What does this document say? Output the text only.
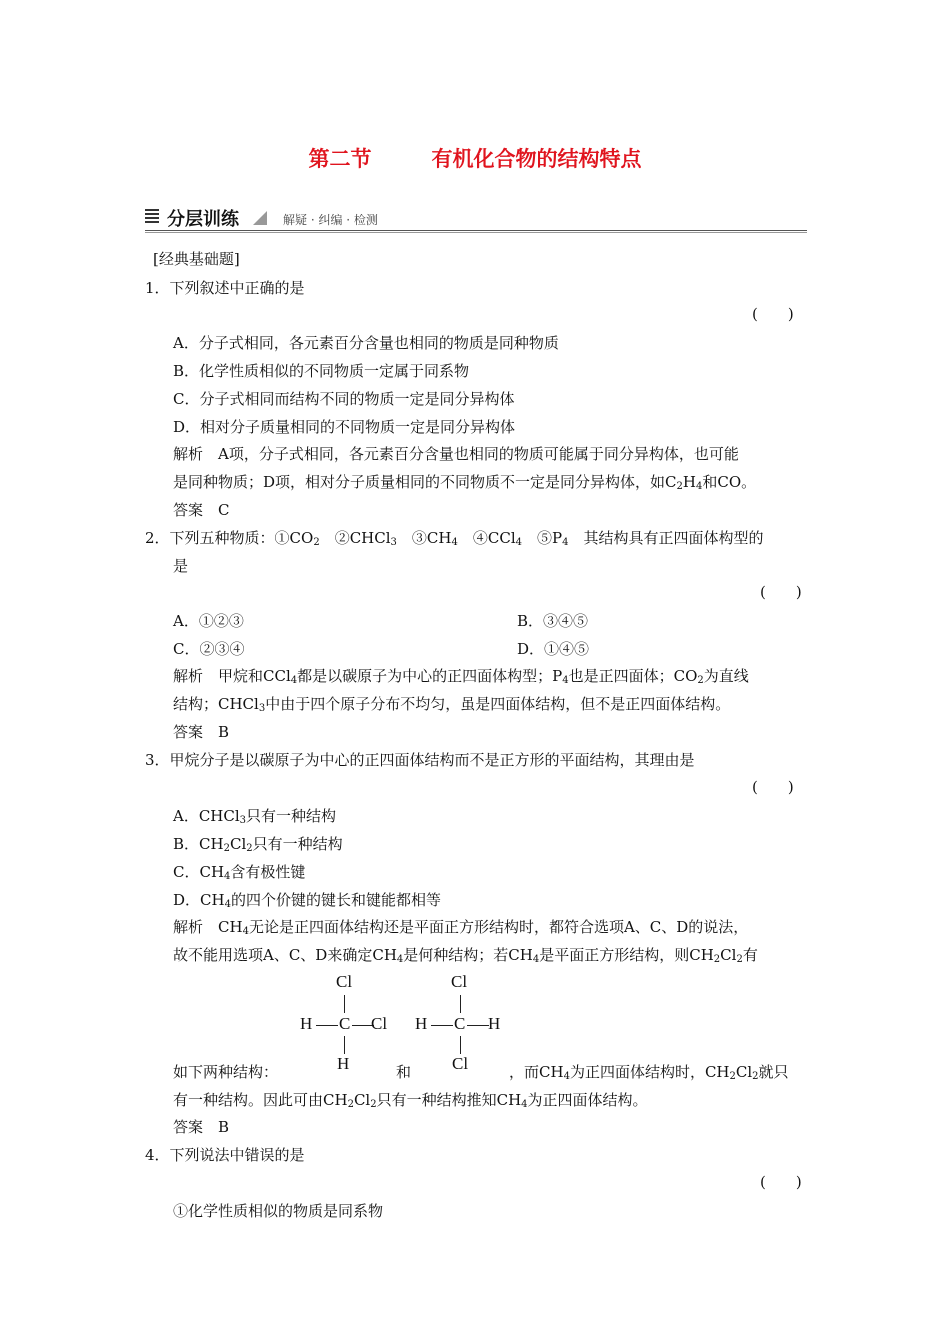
第二节	有机化合物的结构特点
分层训练	解疑 · 纠编 · 检测
[经典基础题]
1．下列叙述中正确的是
(　　)
A．分子式相同，各元素百分含量也相同的物质是同种物质
B．化学性质相似的不同物质一定属于同系物
C．分子式相同而结构不同的物质一定是同分异构体
D．相对分子质量相同的不同物质一定是同分异构体
解析　A项，分子式相同，各元素百分含量也相同的物质可能属于同分异构体，也可能
是同种物质；D项，相对分子质量相同的不同物质不一定是同分异构体，如$C_2H_4$和CO。
答案　C
2．下列五种物质：$①CO_2$　②CHCl$_3$　$③CH_4$　④CCl$_4$　$⑤P_4$　其结构具有正四面体构型的
是
(　　)
A．①②③	B．③④⑤
C．②③④	D．①④⑤
解析　甲烷和CCl$_4$都是以碳原子为中心的正四面体构型；$P_4$也是正四面体；$CO_2$为直线
结构；CHCl$_3$中由于四个原子分布不均匀，虽是四面体结构，但不是正四面体结构。
答案　B
3．甲烷分子是以碳原子为中心的正四面体结构而不是正方形的平面结构，其理由是
(　　)
A．CHCl$_3$只有一种结构
B．$CH_2Cl_2$只有一种结构
C．$CH_4$含有极性键
D．$CH_4$的四个价键的键长和键能都相等
解析　$CH_4$无论是正四面体结构还是平面正方形结构时，都符合选项A、C、D的说法，
故不能用选项A、C、D来确定$CH_4$是何种结构；若$CH_4$是平面正方形结构，则$CH_2Cl_2$有
Cl
H C Cl
H
Cl
H C H
Cl
如下两种结构：	和	，而$CH_4$为正四面体结构时，$CH_2Cl_2$就只
有一种结构。因此可由$CH_2Cl_2$只有一种结构推知$CH_4$为正四面体结构。
答案　B
4．下列说法中错误的是
(　　)
①化学性质相似的物质是同系物
